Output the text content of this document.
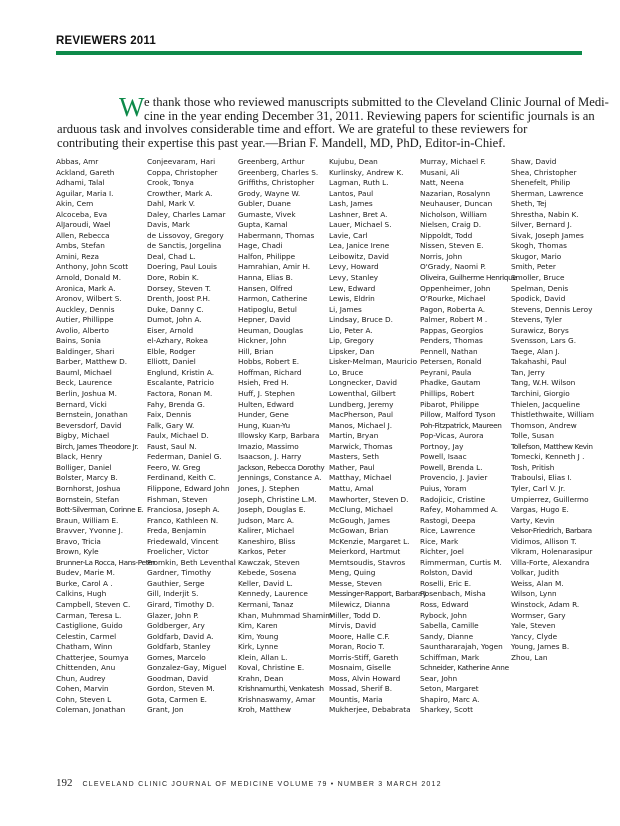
REVIEWERS 2011
W e thank those who reviewed manuscripts submitted to the Cleveland Clinic Journal of Medi-
cine in the year ending December 31, 2011. Reviewing papers for scientific journals is an
arduous task and involves considerable time and effort. We are grateful to these reviewers for
contributing their expertise this past year.—Brian F. Mandell, MD, PhD, Editor-in-Chief.
Abbas, Amr
Ackland, Gareth
Adhami, Talal
Aguilar, Maria I.
Akin, Cem
Alcoceba, Eva
AlJaroudi, Wael
Allen, Rebecca
Ambs, Stefan
Amini, Reza
Anthony, John Scott
Arnold, Donald M.
Aronica, Mark A.
Aronov, Wilbert S.
Auckley, Dennis
Autier, Phillippe
Avolio, Alberto
Bains, Sonia
Baldinger, Shari
Barber, Matthew D.
Bauml, Michael
Beck, Laurence
Berlin, Joshua M.
Bernard, Vicki
Bernstein, Jonathan
Beversdorf, David
Bigby, Michael
Birch, James Theodore Jr.
Black, Henry
Bolliger, Daniel
Bolster, Marcy B.
Bornhorst, Joshua
Bornstein, Stefan
Bott-Silverman, Corinne E.
Braun, William E.
Bravver, Yvonne J.
Bravo, Tricia
Brown, Kyle
Brunner-La Rocca, Hans-Peter
Budev, Marie M.
Burke, Carol A .
Calkins, Hugh
Campbell, Steven C.
Carman, Teresa L.
Castiglione, Guido
Celestin, Carmel
Chatham, Winn
Chatterjee, Soumya
Chittenden, Anu
Chun, Audrey
Cohen, Marvin
Cohn, Steven L
Coleman, Jonathan
Conjeevaram, Hari
Coppa, Christopher
Crook, Tonya
Crowther, Mark A.
Dahl, Mark V.
Daley, Charles Lamar
Davis, Mark
de Lissovoy, Gregory
de Sanctis, Jorgelina
Deal, Chad L.
Doering, Paul Louis
Dore, Robin K.
Dorsey, Steven T.
Drenth, Joost P.H.
Duke, Danny C.
Dumot, John A.
Eiser, Arnold
el-Azhary, Rokea
Elble, Rodger
Elliott, Daniel
Englund, Kristin A.
Escalante, Patricio
Factora, Ronan M.
Fahy, Brenda G.
Faix, Dennis
Falk, Gary W.
Faulx, Michael D.
Faust, Saul N.
Federman, Daniel G.
Feero, W. Greg
Ferdinand, Keith C.
Filippone, Edward John
Fishman, Steven
Franciosa, Joseph A.
Franco, Kathleen N.
Freda, Benjamin
Friedewald, Vincent
Froelicher, Victor
Fromkin, Beth Leventhal
Gardner, Timothy
Gauthier, Serge
Gill, Inderjit S.
Girard, Timothy D.
Glazer, John P.
Goldberger, Ary
Goldfarb, David A.
Goldfarb, Stanley
Gomes, Marcelo
Gonzalez-Gay, Miguel
Goodman, David
Gordon, Steven M.
Gota, Carmen E.
Grant, Jon
Greenberg, Arthur
Greenberg, Charles S.
Griffiths, Christopher
Grody, Wayne W.
Gubler, Duane
Gumaste, Vivek
Gupta, Kamal
Habermann, Thomas
Hage, Chadi
Halfon, Philippe
Hamrahian, Amir H.
Hanna, Elias B.
Hansen, Olfred
Harmon, Catherine
Hatipoglu, Betul
Hepner, David
Heuman, Douglas
Hickner, John
Hill, Brian
Hobbs, Robert E.
Hoffman, Richard
Hsieh, Fred H.
Huff, J. Stephen
Hulten, Edward
Hunder, Gene
Hung, Kuan-Yu
Illowsky Karp, Barbara
Imazio, Massimo
Isaacson, J. Harry
Jackson, Rebecca Dorothy
Jennings, Constance A.
Jones, J. Stephen
Joseph, Christine L.M.
Joseph, Douglas E.
Judson, Marc A.
Kalirer, Michael
Kaneshiro, Bliss
Karkos, Peter
Kawczak, Steven
Kebede, Sosena
Keller, David L.
Kennedy, Laurence
Kermani, Tanaz
Khan, Muhmmad Shamim
Kim, Karen
Kim, Young
Kirk, Lynne
Klein, Allan L.
Koval, Christine E.
Krahn, Dean
Krishnamurthi, Venkatesh
Krishnaswamy, Amar
Kroh, Matthew
Kujubu, Dean
Kurlinsky, Andrew K.
Lagman, Ruth L.
Lantos, Paul
Lash, James
Lashner, Bret A.
Lauer, Michael S.
Lavie, Carl
Lea, Janice Irene
Leibowitz, David
Levy, Howard
Levy, Stanley
Lew, Edward
Lewis, Eldrin
Li, James
Lindsay, Bruce D.
Lio, Peter A.
Lip, Gregory
Lipsker, Dan
Lisker-Melman, Mauricio
Lo, Bruce
Longnecker, David
Lowenthal, Gilbert
Lundberg, Jeremy
MacPherson, Paul
Manos, Michael J.
Martin, Bryan
Marwick, Thomas
Masters, Seth
Mather, Paul
Matthay, Michael
Mattu, Amal
Mawhorter, Steven D.
McClung, Michael
McGough, James
McGowan, Brian
McKenzie, Margaret L.
Meierkord, Hartmut
Memtsoudis, Stavros
Meng, Quing
Messe, Steven
Messinger-Rapport, Barbara J.
Milewicz, Dianna
Miller, Todd D.
Mirvis, David
Moore, Halle C.F.
Moran, Rocio T.
Morris-Stiff, Gareth
Mosnaim, Giselle
Moss, Alvin Howard
Mossad, Sherif B.
Mountis, Maria
Mukherjee, Debabrata
Murray, Michael F.
Musani, Ali
Natt, Neena
Nazarian, Rosalynn
Neuhauser, Duncan
Nicholson, William
Nielsen, Craig D.
Nippoldt, Todd
Nissen, Steven E.
Norris, John
O'Grady, Naomi P.
Oliveira, Guilherme Henrique
Oppenheimer, John
O'Rourke, Michael
Pagon, Roberta A.
Palmer, Robert M .
Pappas, Georgios
Penders, Thomas
Pennell, Nathan
Petersen, Ronald
Peyrani, Paula
Phadke, Gautam
Phillips, Robert
Pibarot, Philippe
Pillow, Malford Tyson
Poh-Fitzpatrick, Maureen
Pop-Vicas, Aurora
Portnoy, Jay
Powell, Isaac
Powell, Brenda L.
Provencio, J. Javier
Puius, Yoram
Radojicic, Cristine
Rafey, Mohammed A.
Rastogi, Deepa
Rice, Lawrence
Rice, Mark
Richter, Joel
Rimmerman, Curtis M.
Rolston, David
Roselli, Eric E.
Rosenbach, Misha
Ross, Edward
Rybock, John
Sabella, Camille
Sandy, Dianne
Saunthararajah, Yogen
Schiffman, Mark
Schneider, Katherine Anne
Sear, John
Seton, Margaret
Shapiro, Marc A.
Sharkey, Scott
Shaw, David
Shea, Christopher
Shenefelt, Philip
Sherman, Lawrence
Sheth, Tej
Shrestha, Nabin K.
Silver, Bernard J.
Sivak, Joseph James
Skogh, Thomas
Skugor, Mario
Smith, Peter
Smoller, Bruce
Spelman, Denis
Spodick, David
Stevens, Dennis Leroy
Stevens, Tyler
Surawicz, Borys
Svensson, Lars G.
Taege, Alan J.
Takahashi, Paul
Tan, Jerry
Tang, W.H. Wilson
Tarchini, Giorgio
Thielen, Jacqueline
Thistlethwaite, William
Thomson, Andrew
Tolle, Susan
Tollefson, Matthew Kevin
Tomecki, Kenneth J .
Tosh, Pritish
Traboulsi, Elias I.
Tyler, Carl V. Jr.
Umpierrez, Guillermo
Vargas, Hugo E.
Varty, Kevin
Velsor-Friedrich, Barbara
Vidimos, Allison T.
Vikram, Holenarasipur
Villa-Forte, Alexandra
Volkar, Judith
Weiss, Alan M.
Wilson, Lynn
Winstock, Adam R.
Wormser, Gary
Yale, Steven
Yancy, Clyde
Young, James B.
Zhou, Lan
192 CLEVELAND CLINIC JOURNAL OF MEDICINE VOLUME 79 • NUMBER 3 MARCH 2012
